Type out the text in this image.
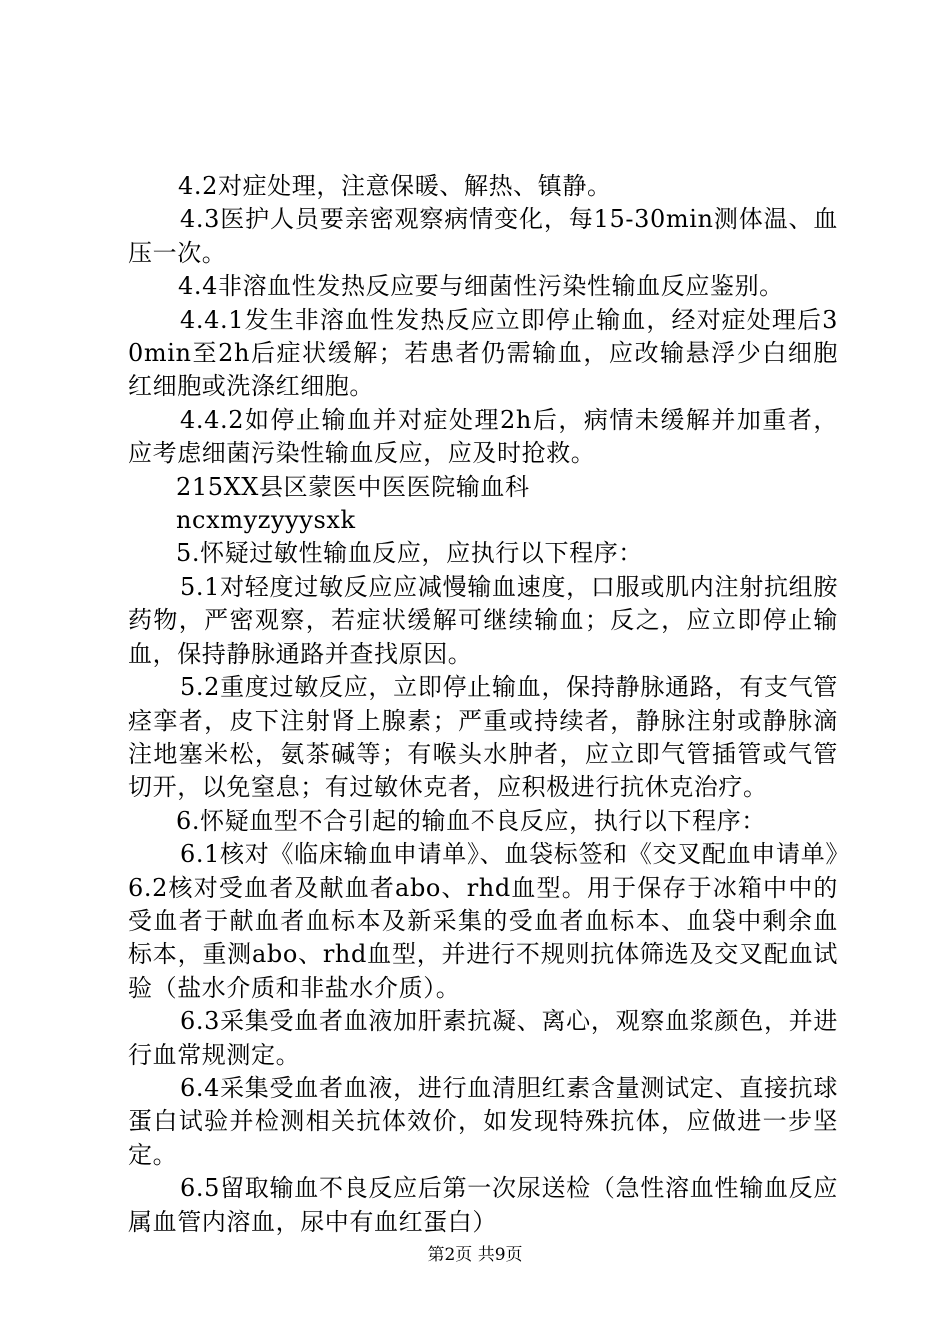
4.2对症处理，注意保暖、解热、镇静。

4.3医护人员要亲密观察病情变化，每15-30min测体温、血压一次。

4.4非溶血性发热反应要与细菌性污染性输血反应鉴别。

4.4.1发生非溶血性发热反应立即停止输血，经对症处理后30min至2h后症状缓解；若患者仍需输血，应改输悬浮少白细胞红细胞或洗涤红细胞。

4.4.2如停止输血并对症处理2h后，病情未缓解并加重者，应考虑细菌污染性输血反应，应及时抢救。

215XX县区蒙医中医医院输血科

ncxmyzyyysxk

5.怀疑过敏性输血反应，应执行以下程序：

5.1对轻度过敏反应应减慢输血速度，口服或肌内注射抗组胺药物，严密观察，若症状缓解可继续输血；反之，应立即停止输血，保持静脉通路并查找原因。

5.2重度过敏反应，立即停止输血，保持静脉通路，有支气管痉挛者，皮下注射肾上腺素；严重或持续者，静脉注射或静脉滴注地塞米松，氨茶碱等；有喉头水肿者，应立即气管插管或气管切开，以免窒息；有过敏休克者，应积极进行抗休克治疗。

6.怀疑血型不合引起的输血不良反应，执行以下程序：

6.1核对《临床输血申请单》、血袋标签和《交叉配血申请单》6.2核对受血者及献血者abo、rhd血型。用于保存于冰箱中中的受血者于献血者血标本及新采集的受血者血标本、血袋中剩余血标本，重测abo、rhd血型，并进行不规则抗体筛选及交叉配血试验（盐水介质和非盐水介质）。

6.3采集受血者血液加肝素抗凝、离心，观察血浆颜色，并进行血常规测定。

6.4采集受血者血液，进行血清胆红素含量测试定、直接抗球蛋白试验并检测相关抗体效价，如发现特殊抗体，应做进一步坚定。

6.5留取输血不良反应后第一次尿送检（急性溶血性输血反应属血管内溶血，尿中有血红蛋白）

第2页 共9页
